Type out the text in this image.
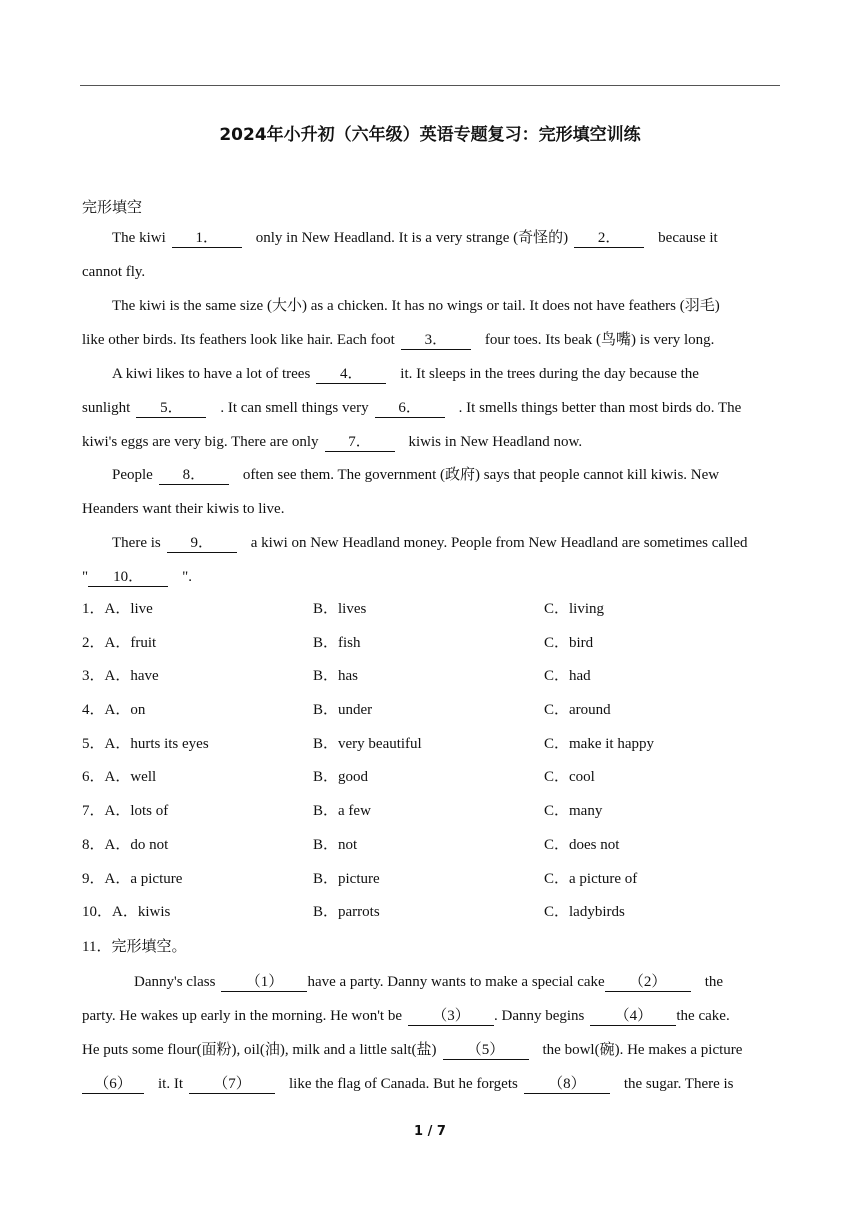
2024年小升初（六年级）英语专题复习：完形填空训练
完形填空
The kiwi 1．	only in New Headland. It is a very strange (奇怪的) 2．	because it
cannot fly.
The kiwi is the same size (大小) as a chicken. It has no wings or tail. It does not have feathers (羽毛)
like other birds. Its feathers look like hair. Each foot 3．	four toes. Its beak (鸟嘴) is very long.
A kiwi likes to have a lot of trees 4．	it. It sleeps in the trees during the day because the
sunlight 5．	. It can smell things very 6．	. It smells things better than most birds do. The
kiwi's eggs are very big. There are only 7．	kiwis in New Headland now.
People 8．	often see them. The government (政府) says that people cannot kill kiwis. New
Heanders want their kiwis to live.
There is 9．	a kiwi on New Headland money. People from New Headland are sometimes called
" 10．	".
1．A．live	B．lives	C．living
2．A．fruit	B．fish	C．bird
3．A．have	B．has	C．had
4．A．on	B．under	C．around
5．A．hurts its eyes	B．very beautiful	C．make it happy
6．A．well	B．good	C．cool
7．A．lots of	B．a few	C．many
8．A．do not	B．not	C．does not
9．A．a picture	B．picture	C．a picture of
10．A．kiwis	B．parrots	C．ladybirds
11．完形填空。
Danny's class （1） have a party. Danny wants to make a special cake （2）	the
party. He wakes up early in the morning. He won't be （3） . Danny begins （4） the cake.
He puts some flour(面粉), oil(油), milk and a little salt(盐) （5）	the bowl(碗). He makes a picture
（6） it. It （7）	like the flag of Canada. But he forgets （8）	the sugar. There is
1 / 7
